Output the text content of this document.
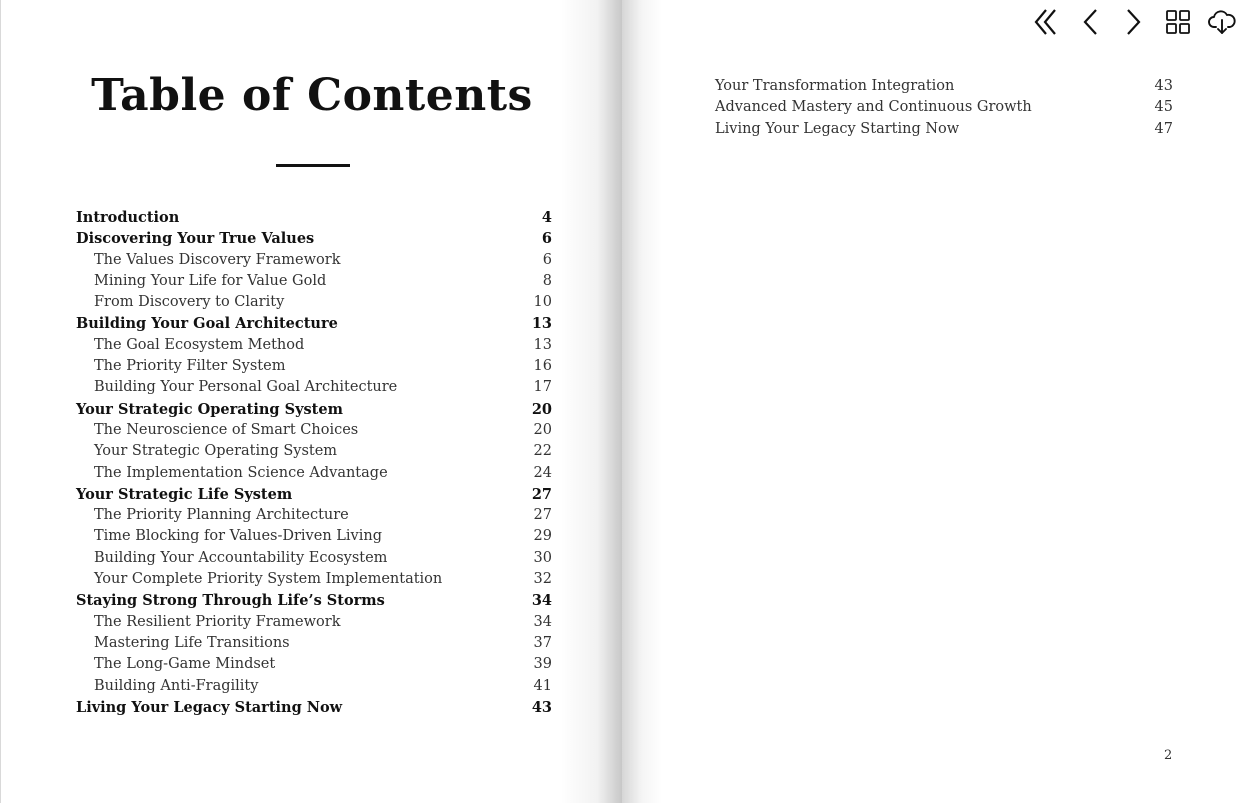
Table of Contents
Introduction	4
Discovering Your True Values	6
The Values Discovery Framework	6
Mining Your Life for Value Gold	8
From Discovery to Clarity	10
Building Your Goal Architecture	13
The Goal Ecosystem Method	13
The Priority Filter System	16
Building Your Personal Goal Architecture	17
Your Strategic Operating System	20
The Neuroscience of Smart Choices	20
Your Strategic Operating System	22
The Implementation Science Advantage	24
Your Strategic Life System	27
The Priority Planning Architecture	27
Time Blocking for Values-Driven Living	29
Building Your Accountability Ecosystem	30
Your Complete Priority System Implementation	32
Staying Strong Through Life’s Storms	34
The Resilient Priority Framework	34
Mastering Life Transitions	37
The Long-Game Mindset	39
Building Anti-Fragility	41
Living Your Legacy Starting Now	43
Your Transformation Integration	43
Advanced Mastery and Continuous Growth	45
Living Your Legacy Starting Now	47
2
